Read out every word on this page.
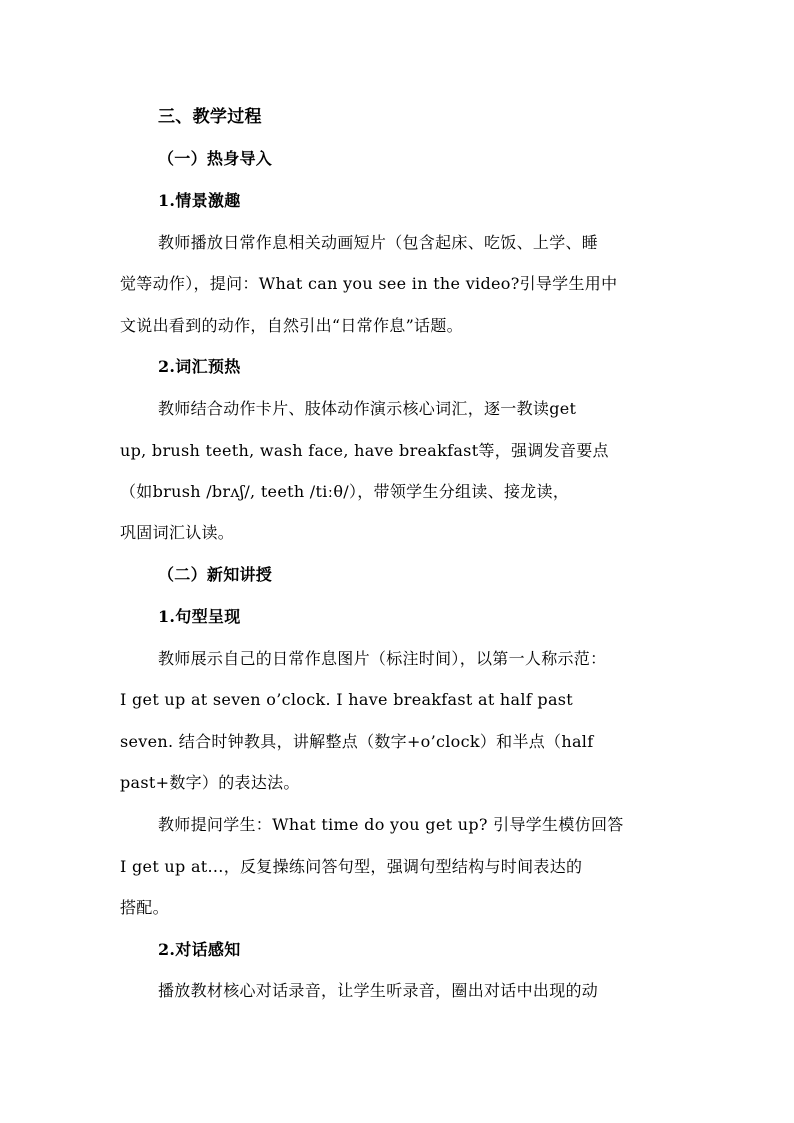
三、教学过程
（一）热身导入
1.情景激趣
教师播放日常作息相关动画短片（包含起床、吃饭、上学、睡
觉等动作），提问：What can you see in the video?引导学生用中
文说出看到的动作，自然引出“日常作息”话题。
2.词汇预热
教师结合动作卡片、肢体动作演示核心词汇，逐一教读get
up, brush teeth, wash face, have breakfast等，强调发音要点
（如brush /brʌʃ/, teeth /tiːθ/），带领学生分组读、接龙读，
巩固词汇认读。
（二）新知讲授
1.句型呈现
教师展示自己的日常作息图片（标注时间），以第一人称示范：
I get up at seven o’clock. I have breakfast at half past
seven. 结合时钟教具，讲解整点（数字+o’clock）和半点（half
past+数字）的表达法。
教师提问学生：What time do you get up? 引导学生模仿回答
I get up at...，反复操练问答句型，强调句型结构与时间表达的
搭配。
2.对话感知
播放教材核心对话录音，让学生听录音，圈出对话中出现的动
